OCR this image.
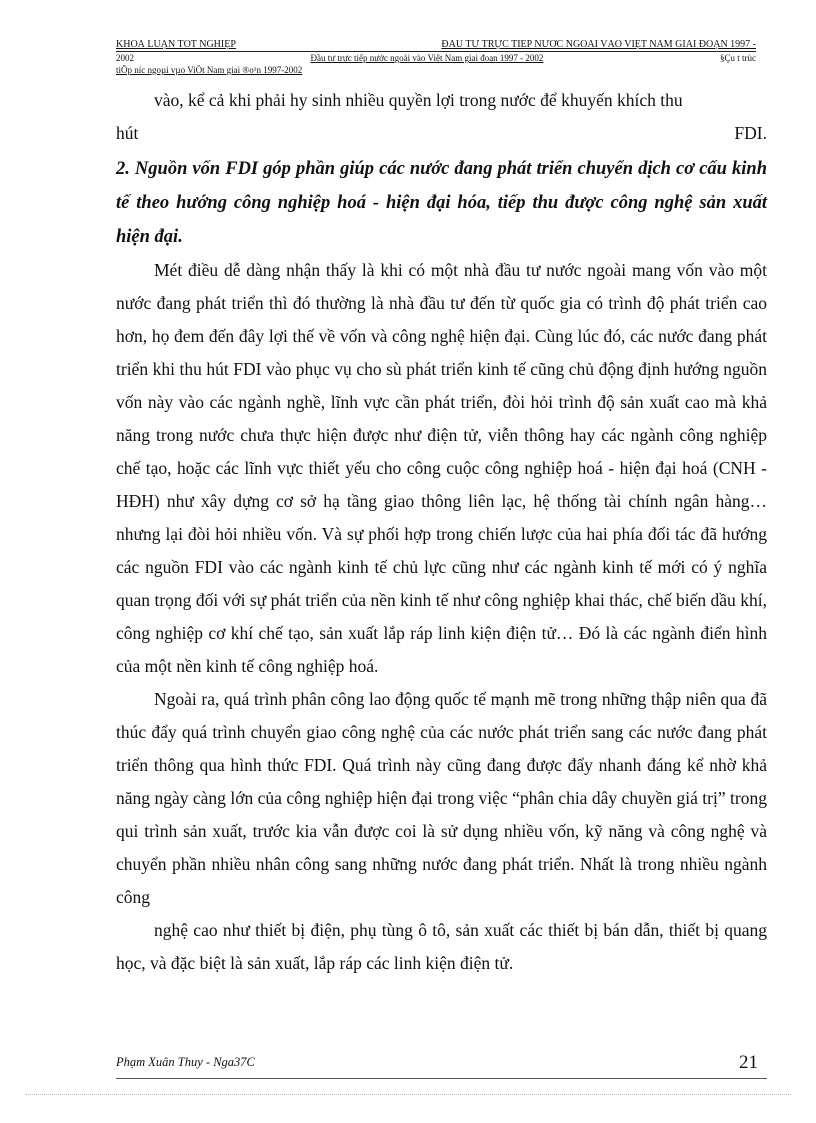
KHOÁ LUẬN TỐT NGHIỆP	ĐẦU TƯ TRỰC TIẾP NƯỚC NGOÀI VÀO VIỆT NAM GIAI ĐOẠN 1997 -
2002	Đầu tư trực tiếp nước ngoài vào Việt Nam giai đoạn 1997 - 2002	§Çu t trùc
tiÕp níc ngoµi vµo ViÖt Nam giai ®o¹n 1997-2002

vào, kể cả khi phải hy sinh nhiều quyền lợi trong nước để khuyến khích thu

hút	FDI.

2. Nguồn vốn FDI góp phần giúp các nước đang phát triển chuyển dịch cơ cấu kinh tế theo hướng công nghiệp hoá - hiện đại hóa, tiếp thu được công nghệ sản xuất hiện đại.

Mét điều dễ dàng nhận thấy là khi có một nhà đầu tư nước ngoài mang vốn vào một nước đang phát triển thì đó thường là nhà đầu tư đến từ quốc gia có trình độ phát triển cao hơn, họ đem đến đây lợi thế về vốn và công nghệ hiện đại. Cùng lúc đó, các nước đang phát triển khi thu hút FDI vào phục vụ cho sù phát triển kinh tế cũng chủ động định hướng nguồn vốn này vào các ngành nghề, lĩnh vực cần phát triển, đòi hỏi trình độ sản xuất cao mà khả năng trong nước chưa thực hiện được như điện tử, viễn thông hay các ngành công nghiệp chế tạo, hoặc các lĩnh vực thiết yếu cho công cuộc công nghiệp hoá - hiện đại hoá (CNH - HĐH) như xây dựng cơ sở hạ tầng giao thông liên lạc, hệ thống tài chính ngân hàng… nhưng lại đòi hỏi nhiều vốn. Và sự phối hợp trong chiến lược của hai phía đối tác đã hướng các nguồn FDI vào các ngành kinh tế chủ lực cũng như các ngành kinh tế mới có ý nghĩa quan trọng đối với sự phát triển của nền kinh tế như công nghiệp khai thác, chế biến dầu khí, công nghiệp cơ khí chế tạo, sản xuất lắp ráp linh kiện điện tử… Đó là các ngành điển hình của một nền kinh tế công nghiệp hoá.

Ngoài ra, quá trình phân công lao động quốc tế mạnh mẽ trong những thập niên qua đã thúc đẩy quá trình chuyển giao công nghệ của các nước phát triển sang các nước đang phát triển thông qua hình thức FDI. Quá trình này cũng đang được đẩy nhanh đáng kể nhờ khả năng ngày càng lớn của công nghiệp hiện đại trong việc “phân chia dây chuyền giá trị” trong qui trình sản xuất, trước kia vẫn được coi là sử dụng nhiều vốn, kỹ năng và công nghệ và chuyển phần nhiều nhân công sang những nước đang phát triển. Nhất là trong nhiều ngành công

nghệ cao như thiết bị điện, phụ tùng ô tô, sản xuất các thiết bị bán dẫn, thiết bị quang học, và đặc biệt là sản xuất, lắp ráp các linh kiện điện tử.

Phạm Xuân Thuy - Nga37C	21
